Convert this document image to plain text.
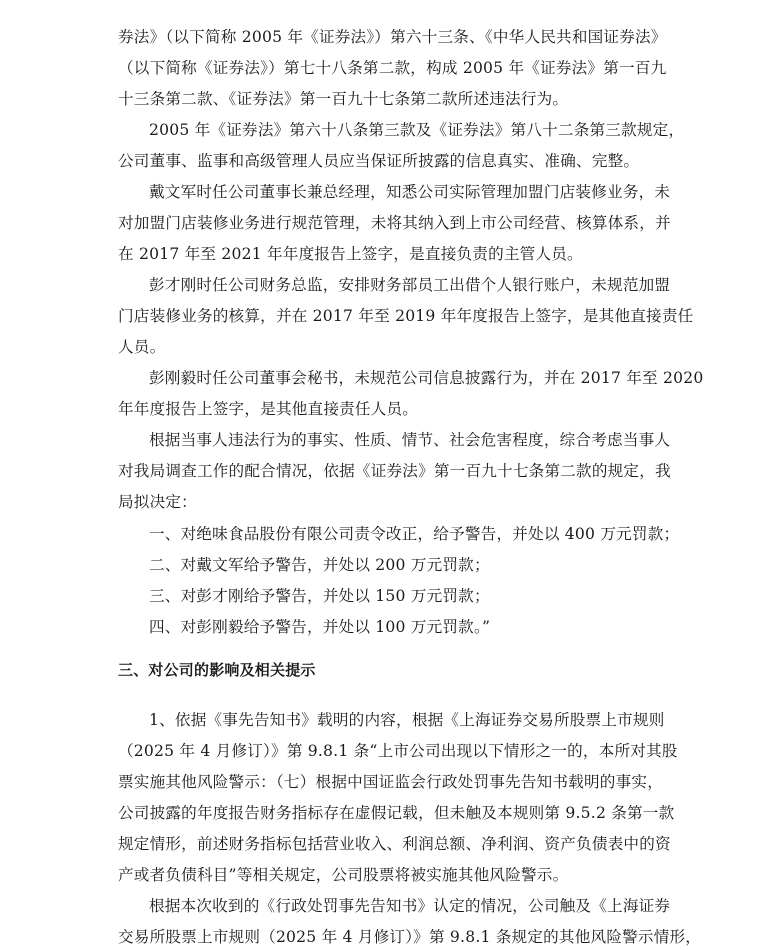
券法》（以下简称 2005 年《证券法》）第六十三条、《中华人民共和国证券法》
（以下简称《证券法》）第七十八条第二款，构成 2005 年《证券法》第一百九
十三条第二款、《证券法》第一百九十七条第二款所述违法行为。
2005 年《证券法》第六十八条第三款及《证券法》第八十二条第三款规定，
公司董事、监事和高级管理人员应当保证所披露的信息真实、准确、完整。
戴文军时任公司董事长兼总经理，知悉公司实际管理加盟门店装修业务，未
对加盟门店装修业务进行规范管理，未将其纳入到上市公司经营、核算体系，并
在 2017 年至 2021 年年度报告上签字，是直接负责的主管人员。
彭才刚时任公司财务总监，安排财务部员工出借个人银行账户，未规范加盟
门店装修业务的核算，并在 2017 年至 2019 年年度报告上签字，是其他直接责任
人员。
彭刚毅时任公司董事会秘书，未规范公司信息披露行为，并在 2017 年至 2020
年年度报告上签字，是其他直接责任人员。
根据当事人违法行为的事实、性质、情节、社会危害程度，综合考虑当事人
对我局调查工作的配合情况，依据《证券法》第一百九十七条第二款的规定，我
局拟决定：
一、对绝味食品股份有限公司责令改正，给予警告，并处以 400 万元罚款；
二、对戴文军给予警告，并处以 200 万元罚款；
三、对彭才刚给予警告，并处以 150 万元罚款；
四、对彭刚毅给予警告，并处以 100 万元罚款。”
三、对公司的影响及相关提示
1、依据《事先告知书》载明的内容，根据《上海证券交易所股票上市规则
（2025 年 4 月修订）》第 9.8.1 条“上市公司出现以下情形之一的，本所对其股
票实施其他风险警示：（七）根据中国证监会行政处罚事先告知书载明的事实，
公司披露的年度报告财务指标存在虚假记载，但未触及本规则第 9.5.2 条第一款
规定情形，前述财务指标包括营业收入、利润总额、净利润、资产负债表中的资
产或者负债科目”等相关规定，公司股票将被实施其他风险警示。
根据本次收到的《行政处罚事先告知书》认定的情况，公司触及《上海证券
交易所股票上市规则（2025 年 4 月修订）》第 9.8.1 条规定的其他风险警示情形，
